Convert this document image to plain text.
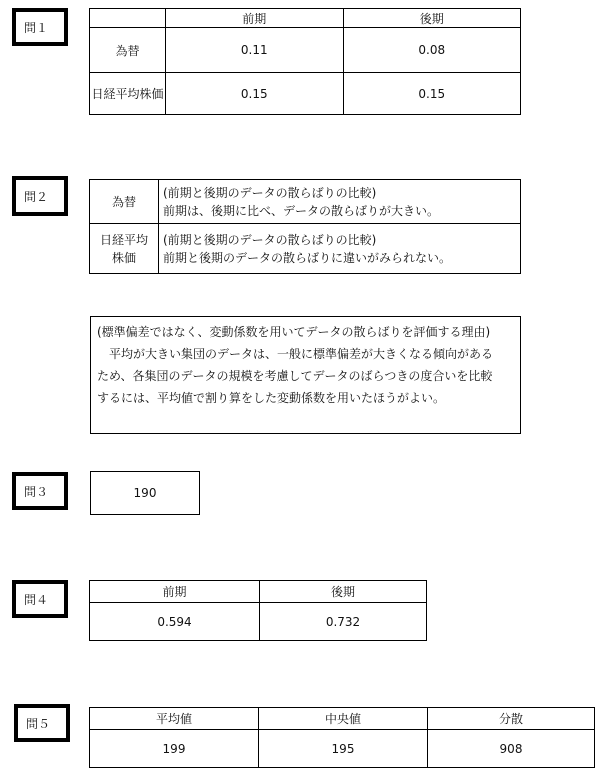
問１
	前期	後期
為替	0.11	0.08
日経平均株価	0.15	0.15
問２	為替	(前期と後期のデータの散らばりの比較)
前期は、後期に比べ、データの散らばりが大きい。

日経平均
株価	(前期と後期のデータの散らばりの比較)
前期と後期のデータの散らばりに違いがみられない。
(標準偏差ではなく、変動係数を用いてデータの散らばりを評価する理由)
　平均が大きい集団のデータは、一般に標準偏差が大きくなる傾向がある
ため、各集団のデータの規模を考慮してデータのばらつきの度合いを比較
するには、平均値で割り算をした変動係数を用いたほうがよい。
問３	190
問４
前期	後期
0.594	0.732
問５	平均値	中央値	分散
199	195	908
